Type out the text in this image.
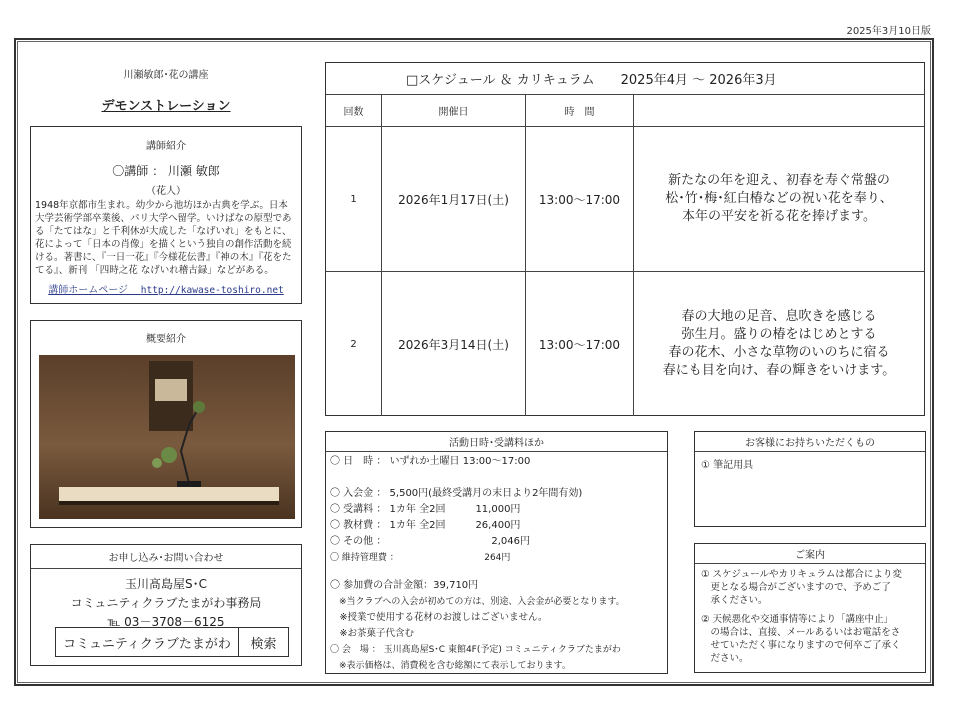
2025年3月10日版
川瀬敏郎･花の講座
デモンストレーション
講師紹介
〇講師 ： 川瀬 敏郎
（花人）
1948年京都市生まれ。幼少から池坊ほか古典を学ぶ。日本大学芸術学部卒業後、パリ大学へ留学。いけばなの原型である「たてはな」と千利休が大成した「なげいれ」をもとに、花によって「日本の肖像」を描くという独自の創作活動を続ける。著書に、『一日一花』『今様花伝書』『神の木』『花をたてる』、新刊 「四時之花 なげいれ稽古録」などがある。
講師ホームページ http://kawase-toshiro.net
概要紹介
お申し込み･お問い合わせ
玉川髙島屋S･C
コミュニティクラブたまがわ事務局
℡ 03－3708－6125
コミュニティクラブたまがわ	検索
□スケジュール ＆ カリキュラム　　2025年4月 ～ 2026年3月
回数	開催日	時　間
1	2026年1月17日(土)	13:00～17:00
新たなの年を迎え、初春を寿ぐ常盤の
松･竹･梅･紅白椿などの祝い花を奉り、
本年の平安を祈る花を捧げます。
2	2026年3月14日(土)	13:00～17:00
春の大地の足音、息吹きを感じる
弥生月。盛りの椿をはじめとする
春の花木、小さな草物のいのちに宿る
春にも目を向け、春の輝きをいけます。
活動日時･受講料ほか
〇 日　時 ： いずれか土曜日 13:00～17:00
〇 入会金 ： 5,500円(最終受講月の末日より2年間有効)
〇 受講料 ： 1カ年 全2回　　　11,000円
〇 教材費 ： 1カ年 全2回　　　26,400円
〇 その他 ：　　　　　　　　　　　2,046円
〇 維持管理費 ：　　　　　　　　　　264円
〇 参加費の合計金額：39,710円
　※当クラブへの入会が初めての方は、別途、入会金が必要となります。
　※授業で使用する花材のお渡しはございません。
　※お茶菓子代含む
〇 会　場 ： 玉川髙島屋S･C 東館4F(予定) コミュニティクラブたまがわ
　※表示価格は、消費税を含む総額にて表示しております。
お客様にお持ちいただくもの
① 筆記用具
ご案内
① スケジュールやカリキュラムは都合により変
　更となる場合がございますので、予めご了
　承ください。
② 天候悪化や交通事情等により「講座中止」
　の場合は、直接、メールあるいはお電話をさ
　せていただく事になりますので何卒ご了承く
　ださい。
